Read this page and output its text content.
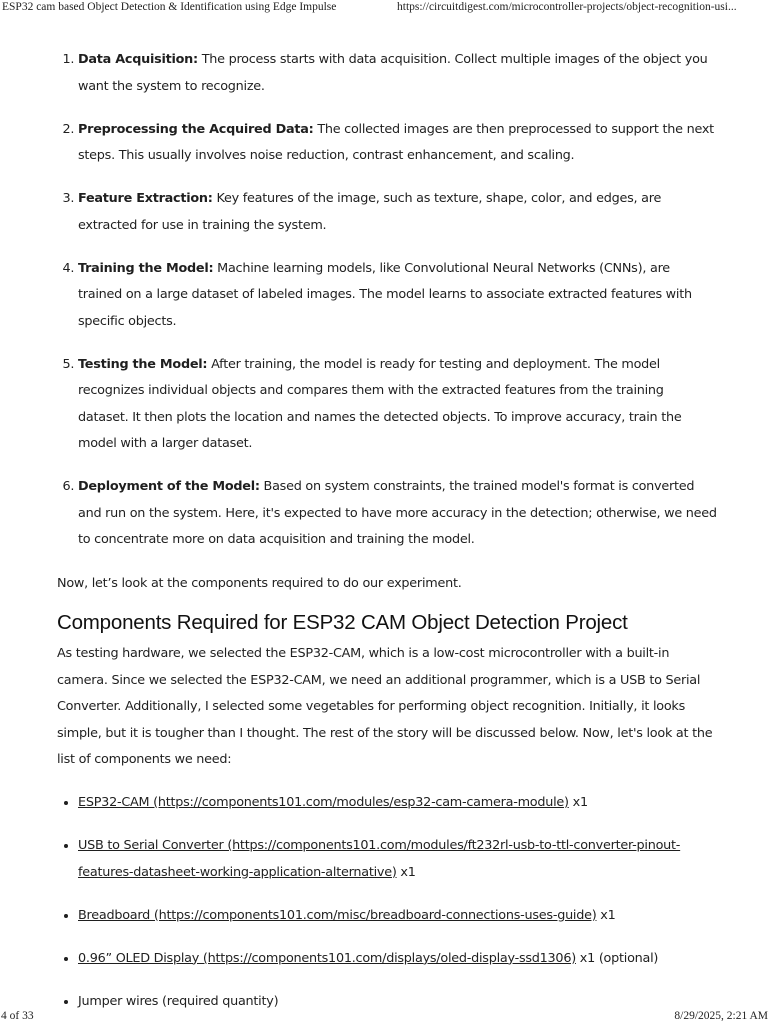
ESP32 cam based Object Detection & Identification using Edge Impulse	https://circuitdigest.com/microcontroller-projects/object-recognition-usi...
1. Data Acquisition: The process starts with data acquisition. Collect multiple images of the object you want the system to recognize.
2. Preprocessing the Acquired Data: The collected images are then preprocessed to support the next steps. This usually involves noise reduction, contrast enhancement, and scaling.
3. Feature Extraction: Key features of the image, such as texture, shape, color, and edges, are extracted for use in training the system.
4. Training the Model: Machine learning models, like Convolutional Neural Networks (CNNs), are trained on a large dataset of labeled images. The model learns to associate extracted features with specific objects.
5. Testing the Model: After training, the model is ready for testing and deployment. The model recognizes individual objects and compares them with the extracted features from the training dataset. It then plots the location and names the detected objects. To improve accuracy, train the model with a larger dataset.
6. Deployment of the Model: Based on system constraints, the trained model's format is converted and run on the system. Here, it's expected to have more accuracy in the detection; otherwise, we need to concentrate more on data acquisition and training the model.

Now, let’s look at the components required to do our experiment.

Components Required for ESP32 CAM Object Detection Project

As testing hardware, we selected the ESP32-CAM, which is a low-cost microcontroller with a built-in camera. Since we selected the ESP32-CAM, we need an additional programmer, which is a USB to Serial Converter. Additionally, I selected some vegetables for performing object recognition. Initially, it looks simple, but it is tougher than I thought. The rest of the story will be discussed below. Now, let's look at the list of components we need:

• ESP32-CAM (https://components101.com/modules/esp32-cam-camera-module) x1
• USB to Serial Converter (https://components101.com/modules/ft232rl-usb-to-ttl-converter-pinout-features-datasheet-working-application-alternative) x1
• Breadboard (https://components101.com/misc/breadboard-connections-uses-guide) x1
• 0.96” OLED Display (https://components101.com/displays/oled-display-ssd1306) x1 (optional)
• Jumper wires (required quantity)
4 of 33	8/29/2025, 2:21 AM
